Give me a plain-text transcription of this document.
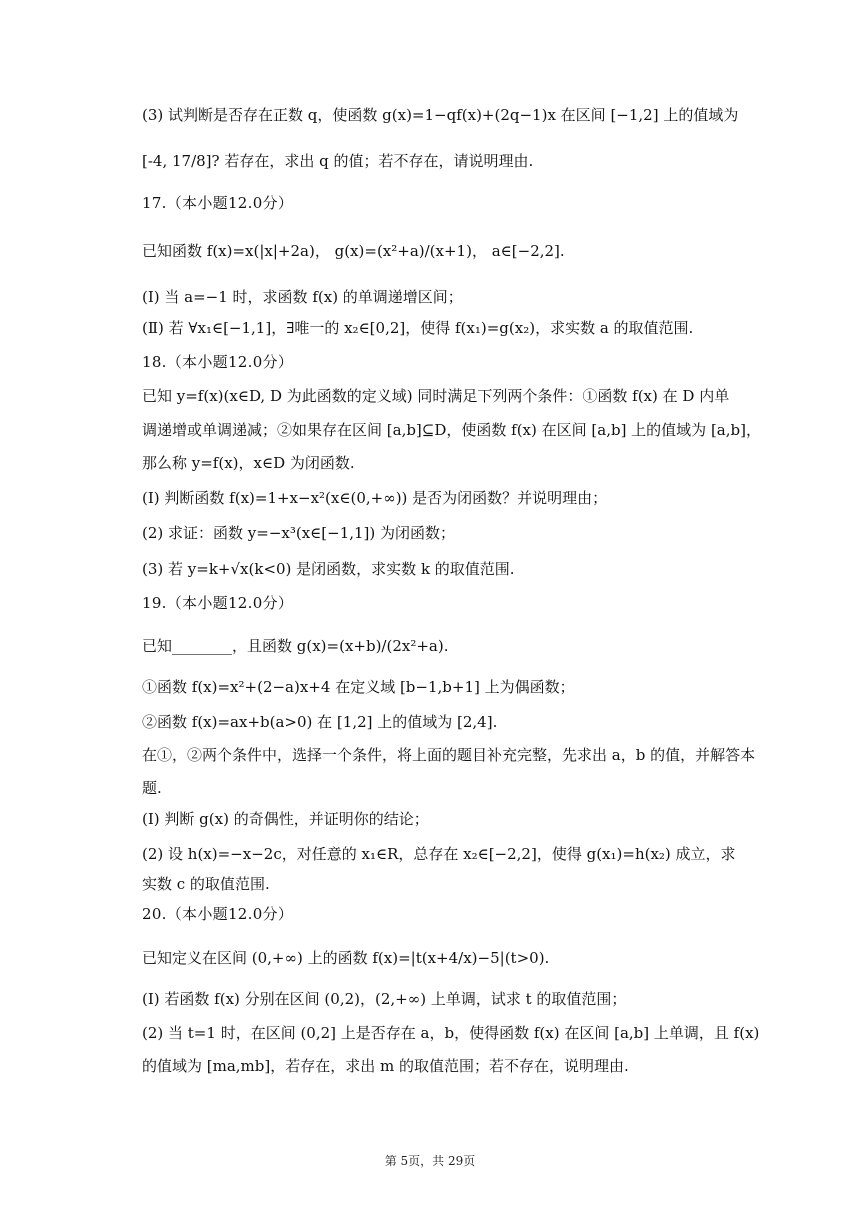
(3) 试判断是否存在正数 q，使函数 g(x)=1−qf(x)+(2q−1)x 在区间 [−1,2] 上的值域为
[-4, 17/8]? 若存在，求出 q 的值；若不存在，请说明理由.
17.（本小题12.0分）
已知函数 f(x)=x(|x|+2a)， g(x)=(x²+a)/(x+1)， a∈[−2,2].
(Ⅰ) 当 a=−1 时，求函数 f(x) 的单调递增区间；
(Ⅱ) 若 ∀x₁∈[−1,1]，∃唯一的 x₂∈[0,2]，使得 f(x₁)=g(x₂)，求实数 a 的取值范围.
18.（本小题12.0分）
已知 y=f(x)(x∈D, D 为此函数的定义域) 同时满足下列两个条件：①函数 f(x) 在 D 内单
调递增或单调递减；②如果存在区间 [a,b]⊆D，使函数 f(x) 在区间 [a,b] 上的值域为 [a,b]，
那么称 y=f(x)，x∈D 为闭函数.
(Ⅰ) 判断函数 f(x)=1+x−x²(x∈(0,+∞)) 是否为闭函数？并说明理由；
(2) 求证：函数 y=−x³(x∈[−1,1]) 为闭函数；
(3) 若 y=k+√x(k<0) 是闭函数，求实数 k 的取值范围.
19.（本小题12.0分）
已知________，且函数 g(x)=(x+b)/(2x²+a).
①函数 f(x)=x²+(2−a)x+4 在定义域 [b−1,b+1] 上为偶函数；
②函数 f(x)=ax+b(a>0) 在 [1,2] 上的值域为 [2,4].
在①，②两个条件中，选择一个条件，将上面的题目补充完整，先求出 a，b 的值，并解答本
题.
(Ⅰ) 判断 g(x) 的奇偶性，并证明你的结论；
(2) 设 h(x)=−x−2c，对任意的 x₁∈R，总存在 x₂∈[−2,2]，使得 g(x₁)=h(x₂) 成立，求
实数 c 的取值范围.
20.（本小题12.0分）
已知定义在区间 (0,+∞) 上的函数 f(x)=|t(x+4/x)−5|(t>0).
(Ⅰ) 若函数 f(x) 分别在区间 (0,2)，(2,+∞) 上单调，试求 t 的取值范围；
(2) 当 t=1 时，在区间 (0,2] 上是否存在 a，b，使得函数 f(x) 在区间 [a,b] 上单调，且 f(x)
的值域为 [ma,mb]，若存在，求出 m 的取值范围；若不存在，说明理由.
第 5页，共 29页
